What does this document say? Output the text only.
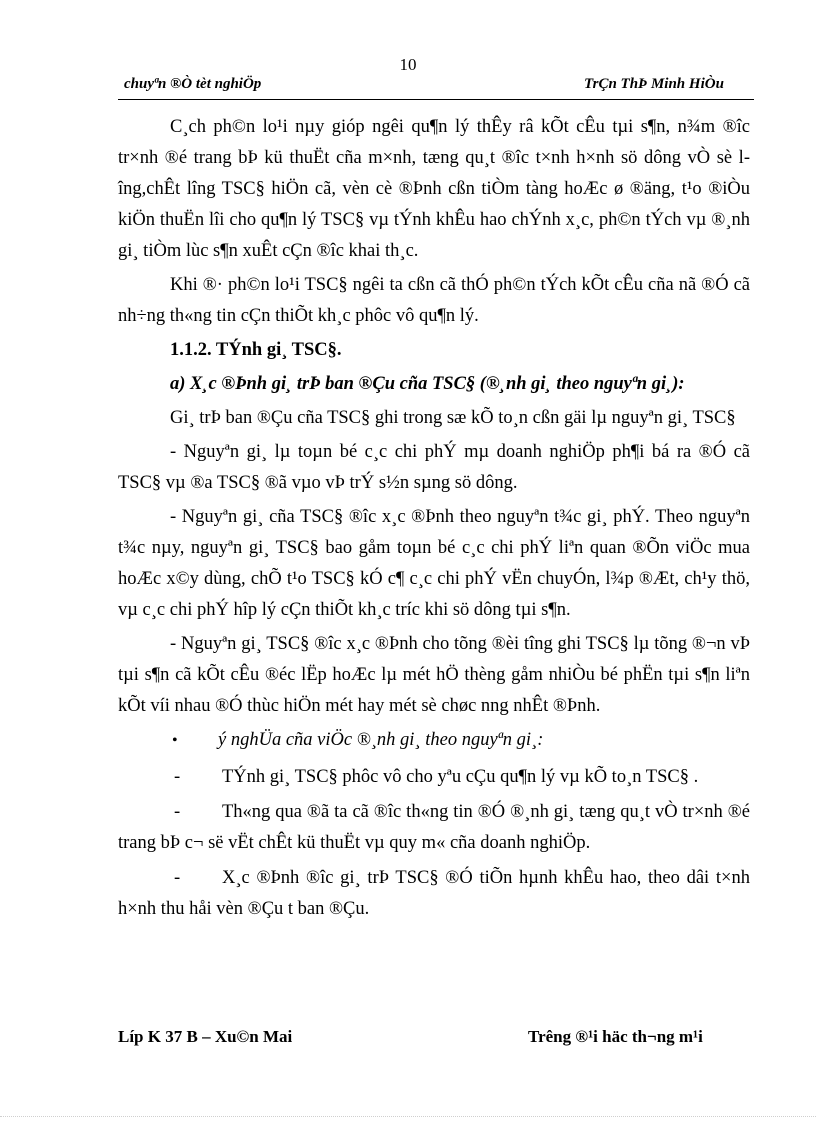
10
chuyªn ®Ò tèt nghiÖp	TrÇn ThÞ Minh HiÒu

C¸ch ph©n lo¹i nµy gióp ngêi qu¶n lý thÊy râ kÕt cÊu tµi s¶n, n¾m ®îc tr×nh ®é trang bÞ kü thuËt cña m×nh, tæng qu¸t ®îc t×nh h×nh sö dông vÒ sè lîng,chÊt lîng TSC§ hiÖn cã, vèn cè ®Þnh cßn tiÒm tàng hoÆc ø ®äng, t¹o ®iÒu kiÖn thuËn lîi cho qu¶n lý TSC§ vµ tÝnh khÊu hao chÝnh x¸c, ph©n tÝch vµ ®¸nh gi¸ tiÒm lùc s¶n xuÊt cÇn ®îc khai th¸c.

Khi ®· ph©n lo¹i TSC§ ngêi ta cßn cã thÓ ph©n tÝch kÕt cÊu cña nã ®Ó cã nh÷ng th«ng tin cÇn thiÕt kh¸c phôc vô qu¶n lý.

1.1.2. TÝnh gi¸ TSC§.

a) X¸c ®Þnh gi¸ trÞ ban ®Çu cña TSC§ (®¸nh gi¸ theo nguyªn gi¸):

Gi¸ trÞ ban ®Çu cña TSC§ ghi trong sæ kÕ to¸n cßn gäi lµ nguyªn gi¸ TSC§

- Nguyªn gi¸ lµ toµn bé c¸c chi phÝ mµ doanh nghiÖp ph¶i bá ra ®Ó cã TSC§ vµ ®a TSC§ ®ã vµo vÞ trÝ s½n sµng sö dông.

- Nguyªn gi¸ cña TSC§ ®îc x¸c ®Þnh theo nguyªn t¾c gi¸ phÝ. Theo nguyªn t¾c nµy, nguyªn gi¸ TSC§ bao gåm toµn bé c¸c chi phÝ liªn quan ®Õn viÖc mua hoÆc x©y dùng, chÕ t¹o TSC§ kÓ c¶ c¸c chi phÝ vËn chuyÓn, l¾p ®Æt, ch¹y thö, vµ c¸c chi phÝ hîp lý cÇn thiÕt kh¸c tríc khi sö dông tµi s¶n.

- Nguyªn gi¸ TSC§ ®îc x¸c ®Þnh cho tõng ®èi tîng ghi TSC§ lµ tõng ®¬n vÞ tµi s¶n cã kÕt cÊu ®éc lËp hoÆc lµ mét hÖ thèng gåm nhiÒu bé phËn tµi s¶n liªn kÕt víi nhau ®Ó thùc hiÖn mét hay mét sè chøc nng nhÊt ®Þnh.

• ý nghÜa cña viÖc ®¸nh gi¸ theo nguyªn gi¸:
- TÝnh gi¸ TSC§ phôc vô cho yªu cÇu qu¶n lý vµ kÕ to¸n TSC§ .
- Th«ng qua ®ã ta cã ®îc th«ng tin ®Ó ®¸nh gi¸ tæng qu¸t vÒ tr×nh ®é trang bÞ c¬ së vËt chÊt kü thuËt vµ quy m« cña doanh nghiÖp.
- X¸c ®Þnh ®îc gi¸ trÞ TSC§ ®Ó tiÕn hµnh khÊu hao, theo dâi t×nh h×nh thu håi vèn ®Çu t ban ®Çu.
Líp K 37 B – Xu©n Mai	Trêng ®¹i häc th¬ng m¹i
